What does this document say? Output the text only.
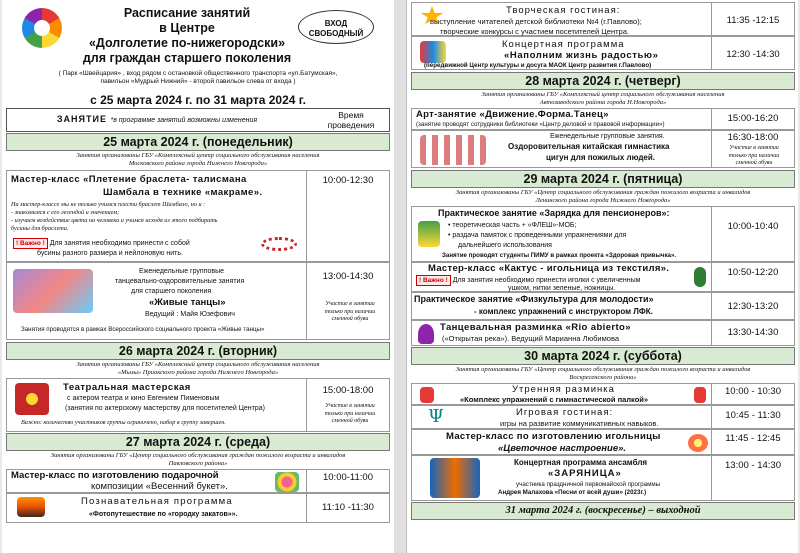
Расписание занятий
в Центре
«Долголетие по-нижегородски»
для граждан старшего поколения
ВХОД
СВОБОДНЫЙ
( Парк «Швейцария» , вход рядом с остановкой общественного транспорта «ул.Батумская»,
павильон «Мудрый Нижний» - второй павильон слева от входа )
с 25 марта 2024 г. по 31 марта 2024 г.
ЗАНЯТИЕ *в программе занятий возможны изменения
Время
проведения
25 марта 2024 г. (понедельник)
Занятия организованы ГБУ «Комплексный центр социального обслуживания населения
Московского района города Нижнего Новгорода»
Мастер-класс «Плетение браслета- талисмана
Шамбала в технике «макраме».
На мастер-классе мы не только учимся плести браслет Шамбало, но и :
- знакомимся с его легендой и значением;
- изучаем воздействие цвета на человека и учимся исходя из этого подбирать
бусины для браслета.
! Важно ! Для занятия необходимо принести с собой
бусины разного размера и нейлоновую нить.
10:00-12:30
Еженедельные групповые
танцевально-оздоровительные занятия
для старшего поколения
«Живые танцы»
Ведущий : Майя Юзефович
Занятия проводятся в рамках Всероссийского социального проекта «Живые танцы»
13:00-14:30
Участие в занятии только при наличии сменной обуви
26 марта 2024 г. (вторник)
Занятия организованы ГБУ «Комплексный центр социального обслуживания населения
«Мызы» Приокского района города Нижнего Новгорода»
Театральная мастерская
с актером театра и кино Евгением Пименовым
(занятия по актерскому мастерству для посетителей Центра)
Важно: количество участников группы ограничено, набор в группу завершен.
15:00-18:00
Участие в занятии только при наличии сменной обуви
27 марта 2024 г. (среда)
Занятия организованы ГБУ «Центр социального обслуживания граждан пожилого возраста и инвалидов
Павловского района»
Мастер-класс по изготовлению подарочной
композиции «Весенний букет».
10:00-11:00
Познавательная программа
«Фотопутешествие по «городку закатов»».
11:10 -11:30
Творческая гостиная:
выступление читателей детской библиотеки №4 (г.Павлово);
творческие конкурсы с участием посетителей Центра.
11:35 -12:15
Концертная программа
«Наполним жизнь радостью»
(передвижной Центр культуры и досуга МАОК Центр развития г.Павлово)
12:30 -14:30
28 марта 2024 г. (четверг)
Занятия организованы ГБУ «Комплексный центр социального обслуживания населения
Автозаводского района города Н.Новгорода»
Арт-занятие «Движение.Форма.Танец»
(занятие проводят сотрудники библиотеки «Центр деловой и правовой информации»)
15:00-16:20
Еженедельные групповые занятия.
Оздоровительная китайская гимнастика
цигун для пожилых людей.
16:30-18:00
Участие в занятии только при наличии сменной обуви
29 марта 2024 г. (пятница)
Занятия организованы ГБУ «Центр социального обслуживания граждан пожилого возраста и инвалидов
Ленинского района города Нижнего Новгорода»
Практическое занятие «Зарядка для пенсионеров»:
• теоретическая часть + «ФЛЕШ»-МОБ;
• раздача памяток с проведенными упражнениями для
дальнейшего использования
Занятие проводят студенты ПИМУ в рамках проекта «Здоровая привычка».
10:00-10:40
Мастер-класс «Кактус - игольница из текстиля».
! Важно ! Для занятия необходимо принести иголки с увеличенным
ушком, нитки зеленые, ножницы.
10:50-12:20
Практическое занятие «Физкультура для молодости»
- комплекс упражнений с инструктором ЛФК.	12:30-13:20
Танцевальная разминка «Rio abierto»
(«Открытая река»). Ведущий Марианна Любимова
13:30-14:30
30 марта 2024 г. (суббота)
Занятия организованы ГБУ «Центр социального обслуживания граждан пожилого возраста и инвалидов
Воскресенского района»
Утренняя разминка
«Комплекс упражнений с гимнастической палкой»
10:00 - 10:30
Ψ	Игровая гостиная:
игры на развитие коммуникативных навыков.
10:45 - 11:30
Мастер-класс по изготовлению игольницы
«Цветочное настроение».
11:45 - 12:45
Концертная программа ансамбля
«ЗАРЯНИЦА»
участника праздничной первомайской программы
Андрея Малахова «Песни от всей души» (2023г.)
13:00 - 14:30
31 марта 2024 г. (воскресенье) – выходной
